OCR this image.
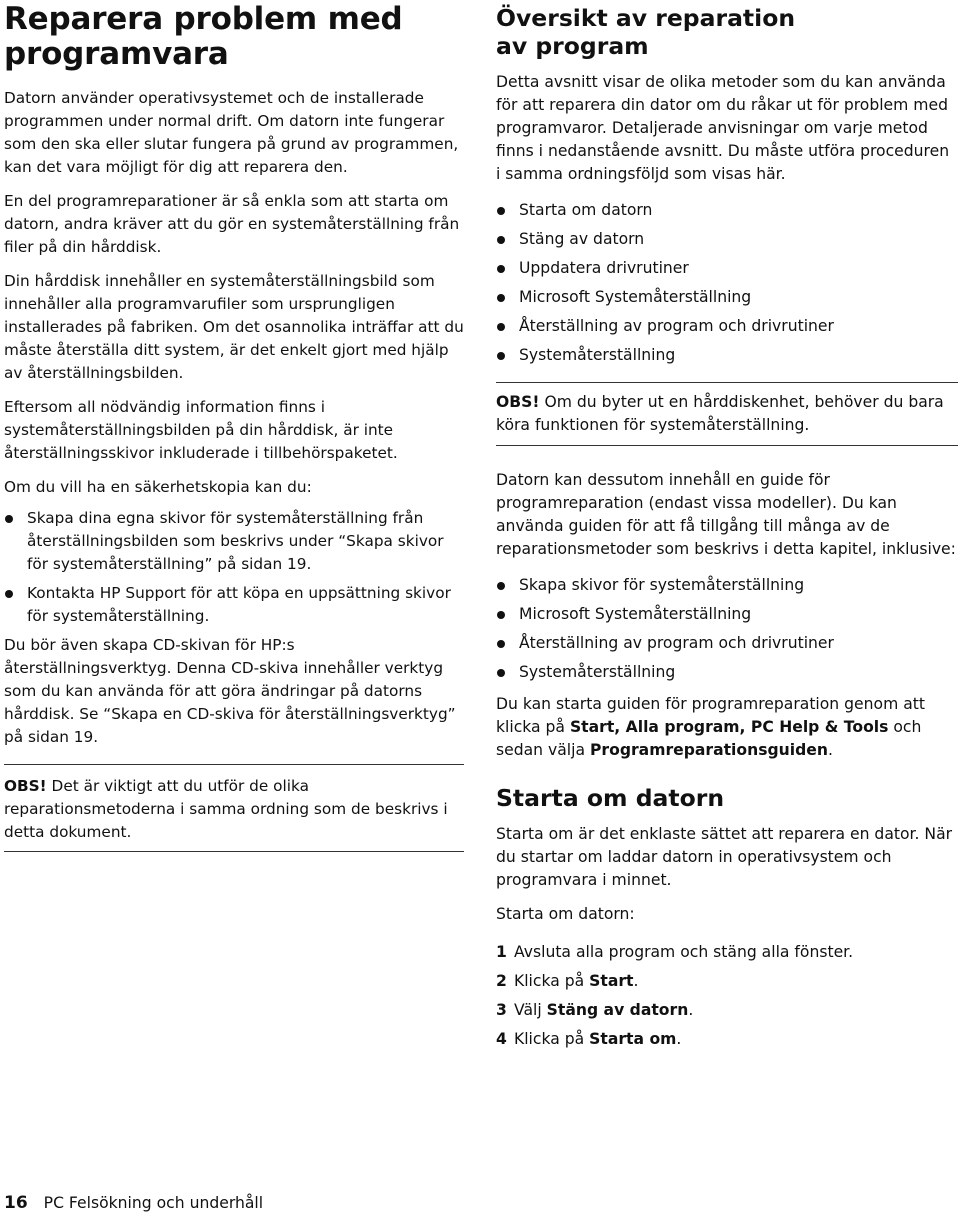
Reparera problem med programvara

Datorn använder operativsystemet och de installerade programmen under normal drift. Om datorn inte fungerar som den ska eller slutar fungera på grund av programmen, kan det vara möjligt för dig att reparera den.

En del programreparationer är så enkla som att starta om datorn, andra kräver att du gör en systemåterställning från filer på din hårddisk.

Din hårddisk innehåller en systemåterställningsbild som innehåller alla programvarufiler som ursprungligen installerades på fabriken. Om det osannolika inträffar att du måste återställa ditt system, är det enkelt gjort med hjälp av återställningsbilden.

Eftersom all nödvändig information finns i systemåterställningsbilden på din hårddisk, är inte återställningsskivor inkluderade i tillbehörspaketet.

Om du vill ha en säkerhetskopia kan du:

Skapa dina egna skivor för systemåterställning från återställningsbilden som beskrivs under “Skapa skivor för systemåterställning” på sidan 19.
Kontakta HP Support för att köpa en uppsättning skivor för systemåterställning.

Du bör även skapa CD-skivan för HP:s återställningsverktyg. Denna CD-skiva innehåller verktyg som du kan använda för att göra ändringar på datorns hårddisk. Se “Skapa en CD-skiva för återställningsverktyg” på sidan 19.

OBS! Det är viktigt att du utför de olika reparationsmetoderna i samma ordning som de beskrivs i detta dokument.

Översikt av reparation av program

Detta avsnitt visar de olika metoder som du kan använda för att reparera din dator om du råkar ut för problem med programvaror. Detaljerade anvisningar om varje metod finns i nedanstående avsnitt. Du måste utföra proceduren i samma ordningsföljd som visas här.

Starta om datorn
Stäng av datorn
Uppdatera drivrutiner
Microsoft Systemåterställning
Återställning av program och drivrutiner
Systemåterställning

OBS! Om du byter ut en hårddiskenhet, behöver du bara köra funktionen för systemåterställning.

Datorn kan dessutom innehåll en guide för programreparation (endast vissa modeller). Du kan använda guiden för att få tillgång till många av de reparationsmetoder som beskrivs i detta kapitel, inklusive:

Skapa skivor för systemåterställning
Microsoft Systemåterställning
Återställning av program och drivrutiner
Systemåterställning

Du kan starta guiden för programreparation genom att klicka på Start, Alla program, PC Help & Tools och sedan välja Programreparationsguiden.

Starta om datorn

Starta om är det enklaste sättet att reparera en dator. När du startar om laddar datorn in operativsystem och programvara i minnet.

Starta om datorn:

1 Avsluta alla program och stäng alla fönster.
2 Klicka på Start.
3 Välj Stäng av datorn.
4 Klicka på Starta om.
16 PC Felsökning och underhåll
